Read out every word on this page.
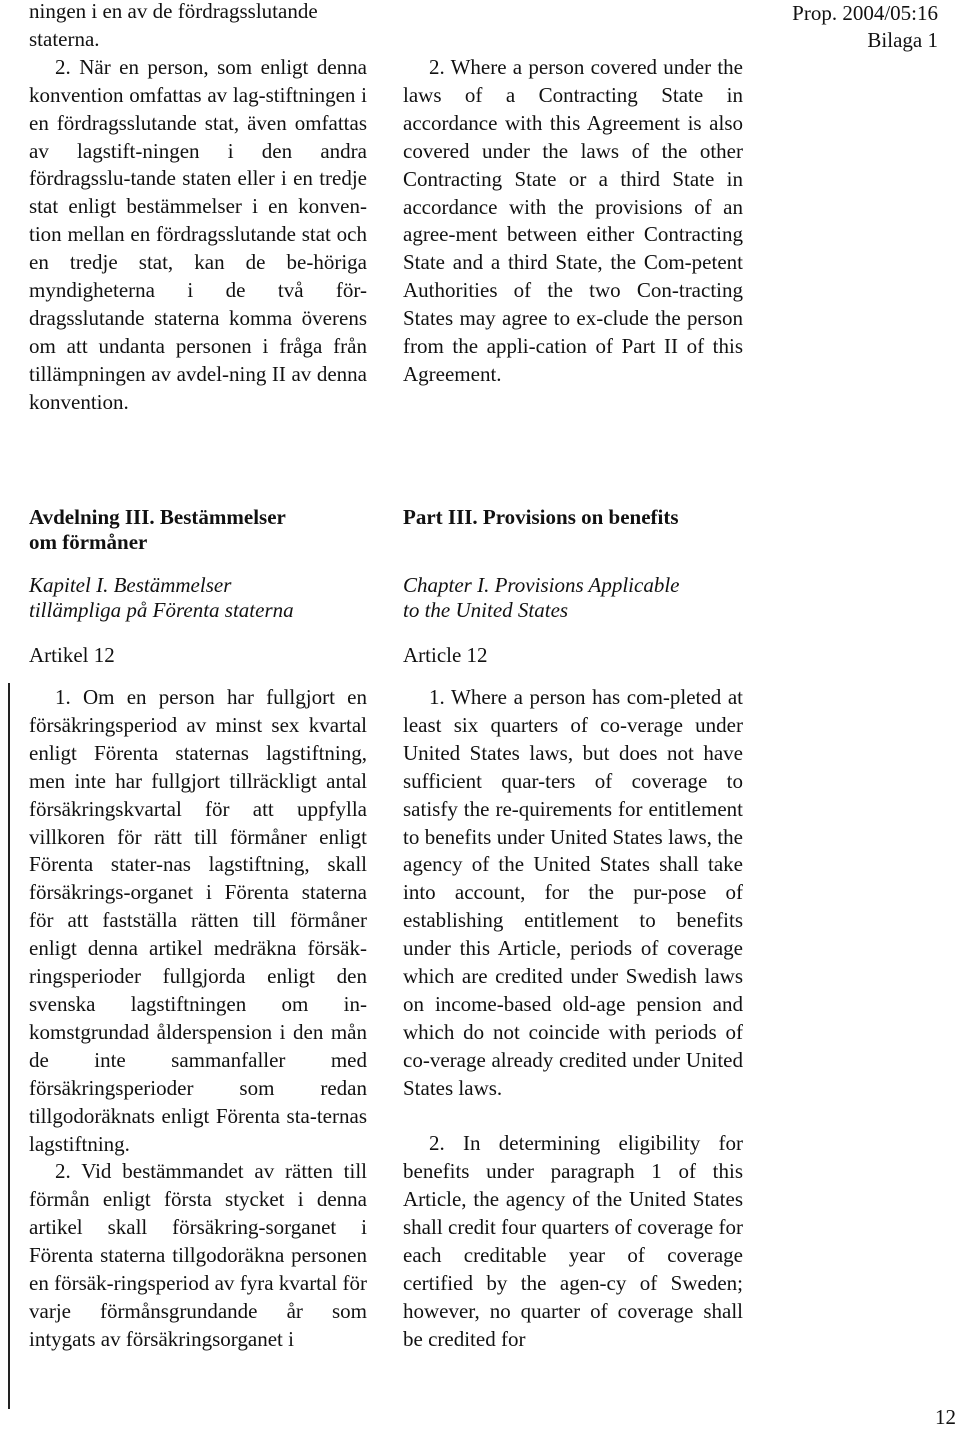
Prop. 2004/05:16
Bilaga 1

ningen i en av de fördragsslutande

staterna.

2. När en person, som enligt denna konvention omfattas av lag-stiftningen i en fördragsslutande stat, även omfattas av lagstift-ningen i den andra fördragsslu-tande staten eller i en tredje stat enligt bestämmelser i en konven-tion mellan en fördragsslutande stat och en tredje stat, kan de be-höriga myndigheterna i de två för-dragsslutande staterna komma överens om att undanta personen i fråga från tillämpningen av avdel-ning II av denna konvention.

2. Where a person covered under the laws of a Contracting State in accordance with this Agreement is also covered under the laws of the other Contracting State or a third State in accordance with the provisions of an agree-ment between either Contracting State and a third State, the Com-petent Authorities of the two Con-tracting States may agree to ex-clude the person from the appli-cation of Part II of this Agreement.

Avdelning III. Bestämmelser
om förmåner
Part III. Provisions on benefits
Kapitel I. Bestämmelser
tillämpliga på Förenta staterna
Chapter I. Provisions Applicable
to the United States
Artikel 12	Article 12

1. Om en person har fullgjort en försäkringsperiod av minst sex kvartal enligt Förenta staternas lagstiftning, men inte har fullgjort tillräckligt antal försäkringskvartal för att uppfylla villkoren för rätt till förmåner enligt Förenta stater-nas lagstiftning, skall försäkrings-organet i Förenta staterna för att fastställa rätten till förmåner enligt denna artikel medräkna försäk-ringsperioder fullgjorda enligt den svenska lagstiftningen om in-komstgrundad ålderspension i den mån de inte sammanfaller med försäkringsperioder som redan tillgodoräknats enligt Förenta sta-ternas lagstiftning.

2. Vid bestämmandet av rätten till förmån enligt första stycket i denna artikel skall försäkring-sorganet i Förenta staterna tillgodoräkna personen en försäk-ringsperiod av fyra kvartal för varje förmånsgrundande år som intygats av försäkringsorganet i

1. Where a person has com-pleted at least six quarters of co-verage under United States laws, but does not have sufficient quar-ters of coverage to satisfy the re-quirements for entitlement to benefits under United States laws, the agency of the United States shall take into account, for the pur-pose of establishing entitlement to benefits under this Article, periods of coverage which are credited under Swedish laws on income-based old-age pension and which do not coincide with periods of co-verage already credited under United States laws.

2. In determining eligibility for benefits under paragraph 1 of this Article, the agency of the United States shall credit four quarters of coverage for each creditable year of coverage certified by the agen-cy of Sweden; however, no quarter of coverage shall be credited for

12
